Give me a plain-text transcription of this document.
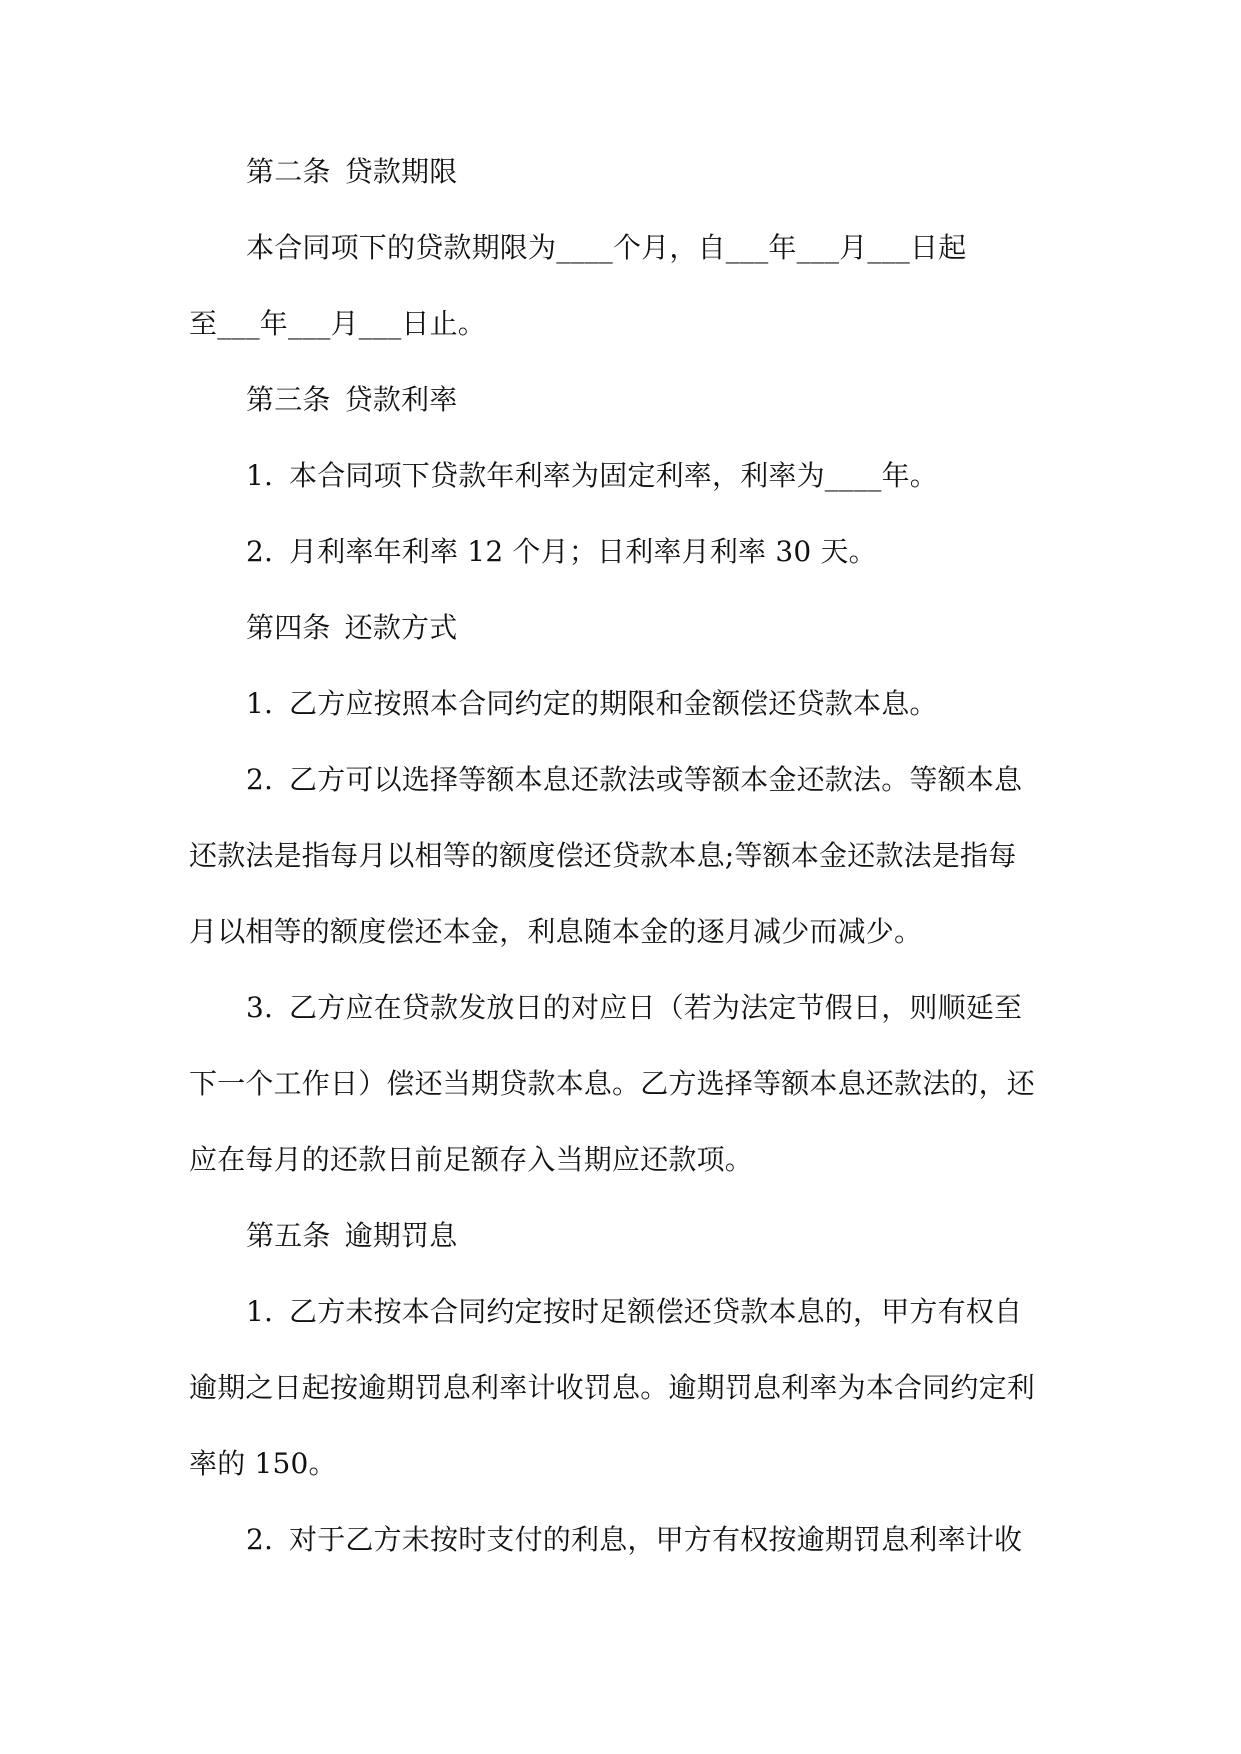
第二条 贷款期限
本合同项下的贷款期限为____个月，自___年___月___日起
至___年___月___日止。
第三条 贷款利率
1. 本合同项下贷款年利率为固定利率，利率为____年。
2. 月利率年利率 12 个月；日利率月利率 30 天。
第四条 还款方式
1. 乙方应按照本合同约定的期限和金额偿还贷款本息。
2. 乙方可以选择等额本息还款法或等额本金还款法。等额本息
还款法是指每月以相等的额度偿还贷款本息;等额本金还款法是指每
月以相等的额度偿还本金，利息随本金的逐月减少而减少。
3. 乙方应在贷款发放日的对应日（若为法定节假日，则顺延至
下一个工作日）偿还当期贷款本息。乙方选择等额本息还款法的，还
应在每月的还款日前足额存入当期应还款项。
第五条 逾期罚息
1. 乙方未按本合同约定按时足额偿还贷款本息的，甲方有权自
逾期之日起按逾期罚息利率计收罚息。逾期罚息利率为本合同约定利
率的 150。
2. 对于乙方未按时支付的利息，甲方有权按逾期罚息利率计收
